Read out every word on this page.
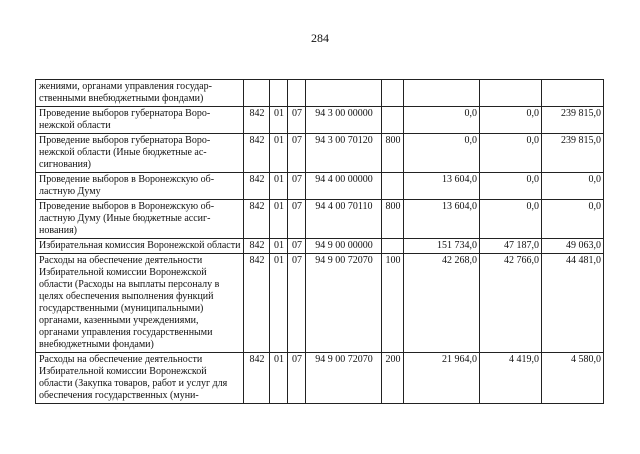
284
жениями, органами управления государственными внебюджетными фондами)								
Проведение выборов губернатора Воронежской области	842	01	07	94 3 00 00000		0,0	0,0	239 815,0
Проведение выборов губернатора Воронежской области (Иные бюджетные ассигнования)	842	01	07	94 3 00 70120	800	0,0	0,0	239 815,0
Проведение выборов в Воронежскую областную Думу	842	01	07	94 4 00 00000		13 604,0	0,0	0,0
Проведение выборов в Воронежскую областную Думу (Иные бюджетные ассигнования)	842	01	07	94 4 00 70110	800	13 604,0	0,0	0,0
Избирательная комиссия Воронежской области	842	01	07	94 9 00 00000		151 734,0	47 187,0	49 063,0
Расходы на обеспечение деятельности Избирательной комиссии Воронежской области (Расходы на выплаты персоналу в целях обеспечения выполнения функций государственными (муниципальными) органами, казенными учреждениями, органами управления государственными внебюджетными фондами)	842	01	07	94 9 00 72070	100	42 268,0	42 766,0	44 481,0
Расходы на обеспечение деятельности Избирательной комиссии Воронежской области (Закупка товаров, работ и услуг для обеспечения государственных (муни-	842	01	07	94 9 00 72070	200	21 964,0	4 419,0	4 580,0
